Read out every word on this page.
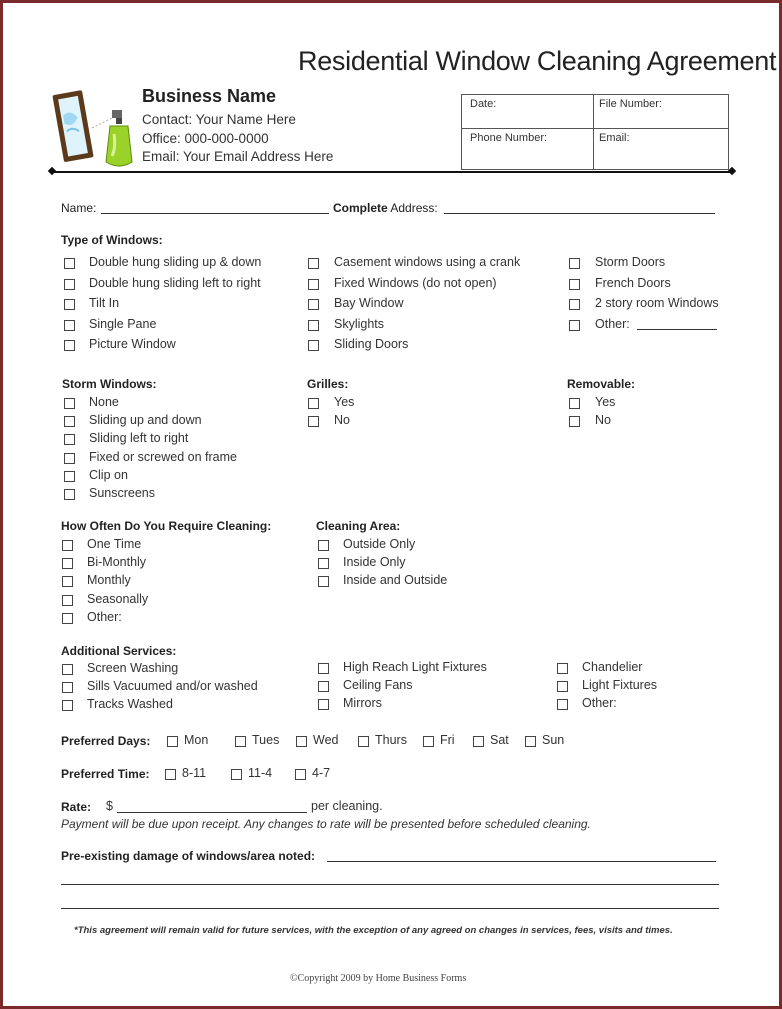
Residential Window Cleaning Agreement
Business Name
Contact: Your Name Here
Office: 000-000-0000
Email: Your Email Address Here
Date:	File Number:
Phone Number:	Email:
Name:	Complete Address:
Type of Windows:
Double hung sliding up & down
Double hung sliding left to right
Tilt In
Single Pane
Picture Window
Casement windows using a crank
Fixed Windows (do not open)
Bay Window
Skylights
Sliding Doors
Storm Doors
French Doors
2 story room Windows
Other:
Storm Windows:	Grilles:	Removable:
None
Sliding up and down
Sliding left to right
Fixed or screwed on frame
Clip on
Sunscreens
Yes
No
Yes
No
How Often Do You Require Cleaning:	Cleaning Area:
One Time
Bi-Monthly
Monthly
Seasonally
Other:
Outside Only
Inside Only
Inside and Outside
Additional Services:
Screen Washing
Sills Vacuumed and/or washed
Tracks Washed
High Reach Light Fixtures
Ceiling Fans
Mirrors
Chandelier
Light Fixtures
Other:
Preferred Days:	Mon	Tues	Wed	Thurs	Fri	Sat	Sun
Preferred Time:	8-11	11-4	4-7
Rate: $	per cleaning.
Payment will be due upon receipt. Any changes to rate will be presented before scheduled cleaning.
Pre-existing damage of windows/area noted:
*This agreement will remain valid for future services, with the exception of any agreed on changes in services, fees, visits and times.
©Copyright 2009 by Home Business Forms
